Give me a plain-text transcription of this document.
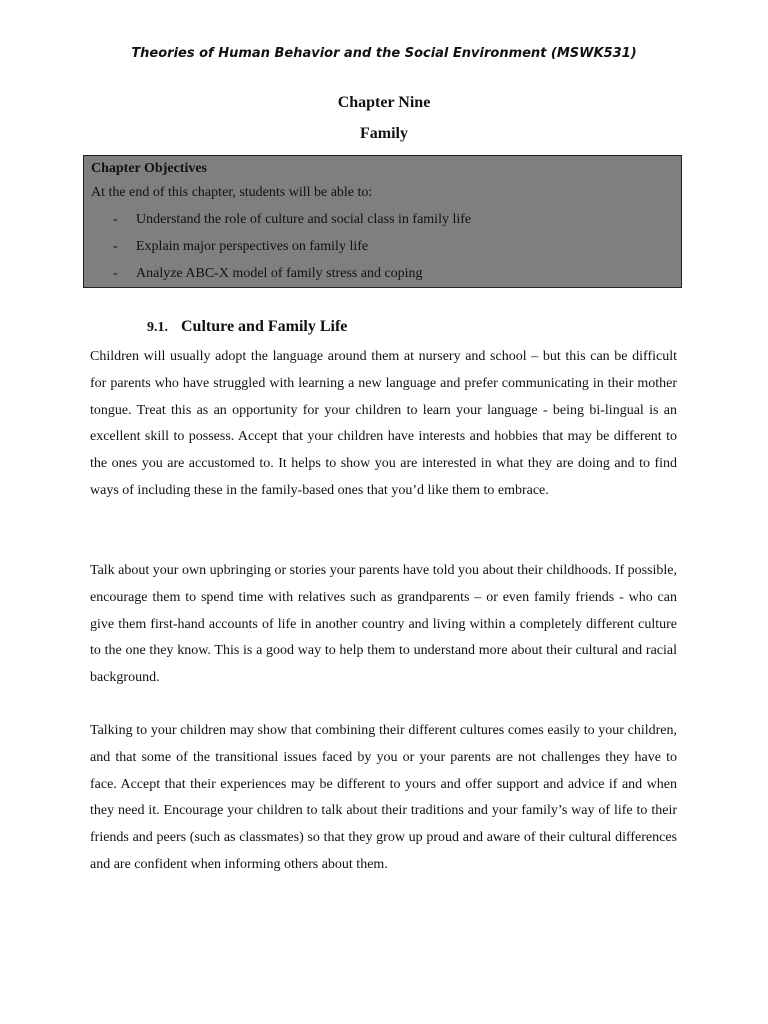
Theories of Human Behavior and the Social Environment (MSWK531)
Chapter Nine
Family
Chapter Objectives
At the end of this chapter, students will be able to:
- Understand the role of culture and social class in family life
- Explain major perspectives on family life
- Analyze ABC-X model of family stress and coping
9.1. Culture and Family Life

Children will usually adopt the language around them at nursery and school – but this can be difficult for parents who have struggled with learning a new language and prefer communicating in their mother tongue. Treat this as an opportunity for your children to learn your language - being bi-lingual is an excellent skill to possess. Accept that your children have interests and hobbies that may be different to the ones you are accustomed to. It helps to show you are interested in what they are doing and to find ways of including these in the family-based ones that you’d like them to embrace.

Talk about your own upbringing or stories your parents have told you about their childhoods. If possible, encourage them to spend time with relatives such as grandparents – or even family friends - who can give them first-hand accounts of life in another country and living within a completely different culture to the one they know. This is a good way to help them to understand more about their cultural and racial background.

Talking to your children may show that combining their different cultures comes easily to your children, and that some of the transitional issues faced by you or your parents are not challenges they have to face. Accept that their experiences may be different to yours and offer support and advice if and when they need it. Encourage your children to talk about their traditions and your family’s way of life to their friends and peers (such as classmates) so that they grow up proud and aware of their cultural differences and are confident when informing others about them.
